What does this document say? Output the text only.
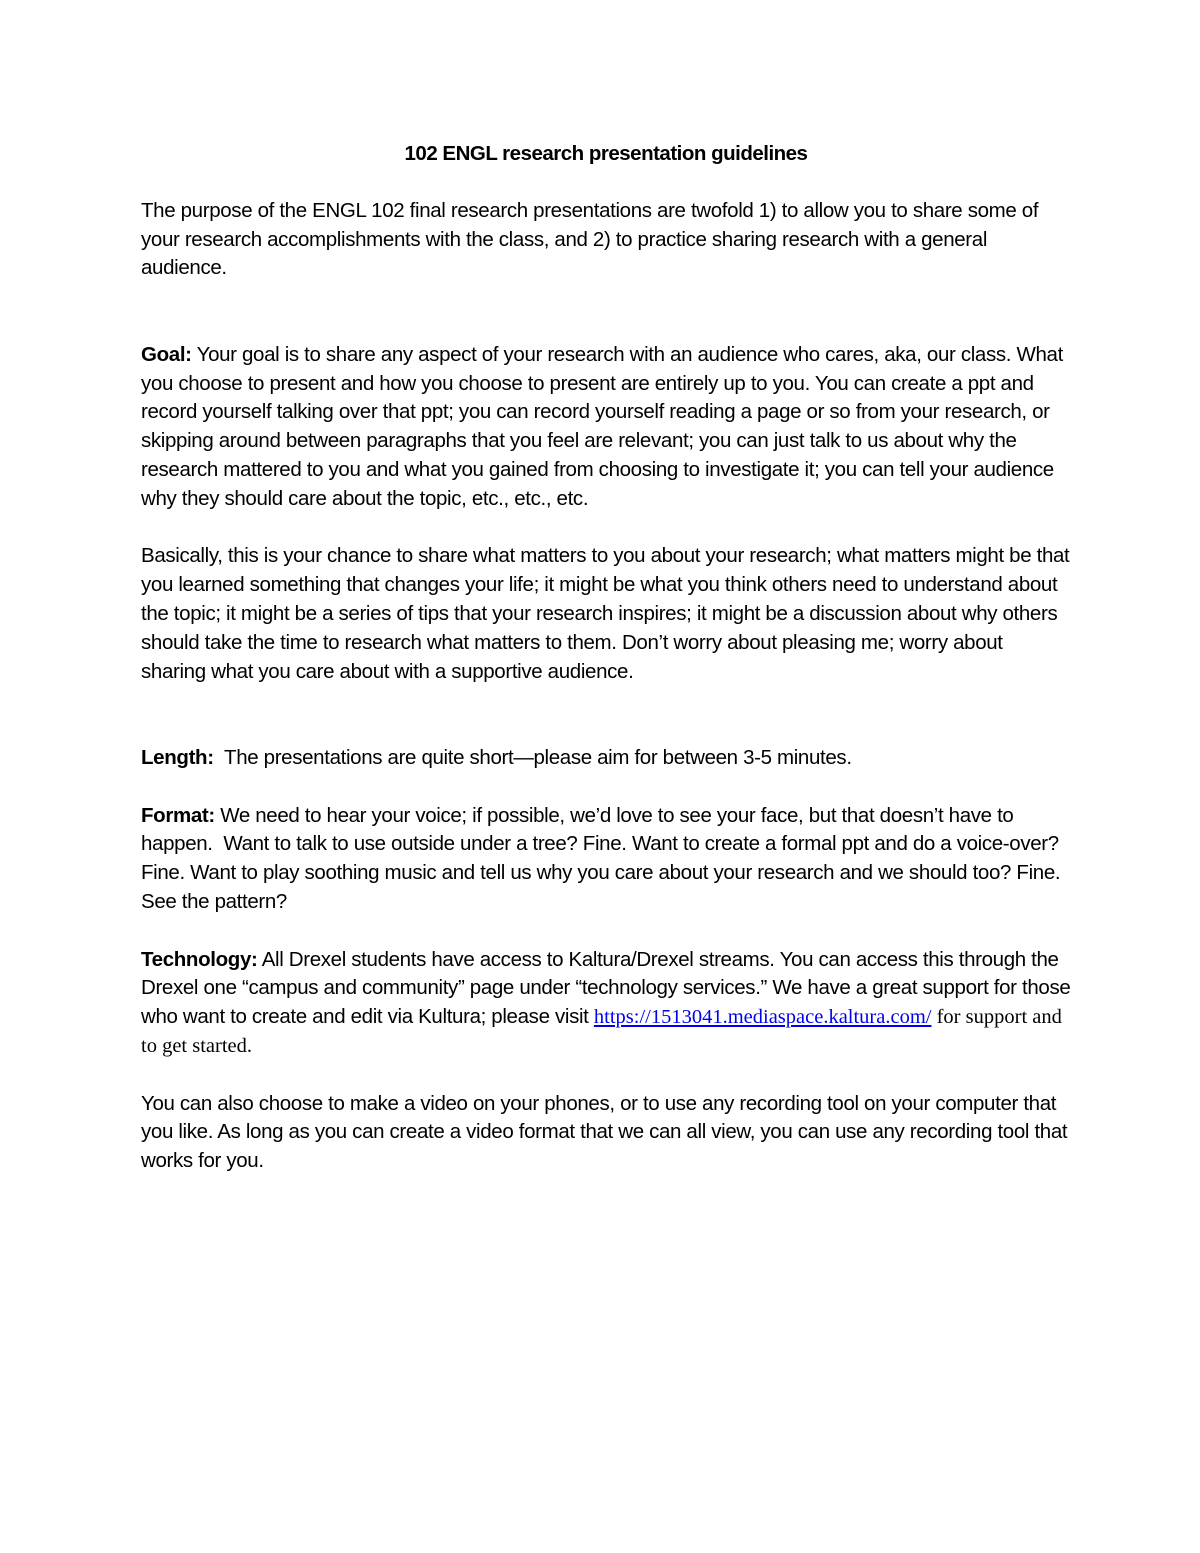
102 ENGL research presentation guidelines

The purpose of the ENGL 102 final research presentations are twofold 1) to allow you to share some of your research accomplishments with the class, and 2) to practice sharing research with a general audience.

Goal: Your goal is to share any aspect of your research with an audience who cares, aka, our class. What you choose to present and how you choose to present are entirely up to you. You can create a ppt and record yourself talking over that ppt; you can record yourself reading a page or so from your research, or skipping around between paragraphs that you feel are relevant; you can just talk to us about why the research mattered to you and what you gained from choosing to investigate it; you can tell your audience why they should care about the topic, etc., etc., etc.

Basically, this is your chance to share what matters to you about your research; what matters might be that you learned something that changes your life; it might be what you think others need to understand about the topic; it might be a series of tips that your research inspires; it might be a discussion about why others should take the time to research what matters to them. Don’t worry about pleasing me; worry about sharing what you care about with a supportive audience.

Length:  The presentations are quite short—please aim for between 3-5 minutes.

Format: We need to hear your voice; if possible, we’d love to see your face, but that doesn’t have to happen.  Want to talk to use outside under a tree? Fine. Want to create a formal ppt and do a voice-over? Fine. Want to play soothing music and tell us why you care about your research and we should too? Fine. See the pattern?

Technology: All Drexel students have access to Kaltura/Drexel streams. You can access this through the Drexel one “campus and community” page under “technology services.” We have a great support for those who want to create and edit via Kultura; please visit https://1513041.mediaspace.kaltura.com/ for support and to get started.

You can also choose to make a video on your phones, or to use any recording tool on your computer that you like. As long as you can create a video format that we can all view, you can use any recording tool that works for you.
